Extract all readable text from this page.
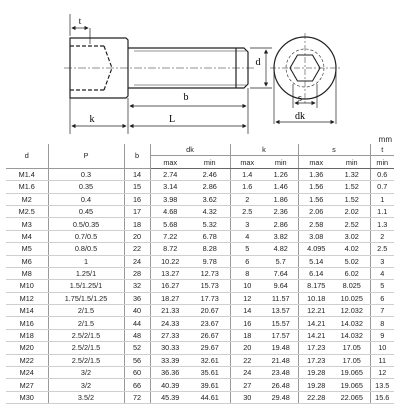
t
d
b
k	L
s
dk
mm
d	P	b	dk		k		s		t
			max	min	max	min	max	min	min
M1.4	0.3	14	2.74	2.46	1.4	1.26	1.36	1.32	0.6
M1.6	0.35	15	3.14	2.86	1.6	1.46	1.56	1.52	0.7
M2	0.4	16	3.98	3.62	2	1.86	1.56	1.52	1
M2.5	0.45	17	4.68	4.32	2.5	2.36	2.06	2.02	1.1
M3	0.5/0.35	18	5.68	5.32	3	2.86	2.58	2.52	1.3
M4	0.7/0.5	20	7.22	6.78	4	3.82	3.08	3.02	2
M5	0.8/0.5	22	8.72	8.28	5	4.82	4.095	4.02	2.5
M6	1	24	10.22	9.78	6	5.7	5.14	5.02	3
M8	1.25/1	28	13.27	12.73	8	7.64	6.14	6.02	4
M10	1.5/1.25/1	32	16.27	15.73	10	9.64	8.175	8.025	5
M12	1.75/1.5/1.25	36	18.27	17.73	12	11.57	10.18	10.025	6
M14	2/1.5	40	21.33	20.67	14	13.57	12.21	12.032	7
M16	2/1.5	44	24.33	23.67	16	15.57	14.21	14.032	8
M18	2.5/2/1.5	48	27.33	26.67	18	17.57	14.21	14.032	9
M20	2.5/2/1.5	52	30.33	29.67	20	19.48	17.23	17.05	10
M22	2.5/2/1.5	56	33.39	32.61	22	21.48	17.23	17.05	11
M24	3/2	60	36.36	35.61	24	23.48	19.28	19.065	12
M27	3/2	66	40.39	39.61	27	26.48	19.28	19.065	13.5
M30	3.5/2	72	45.39	44.61	30	29.48	22.28	22.065	15.6
